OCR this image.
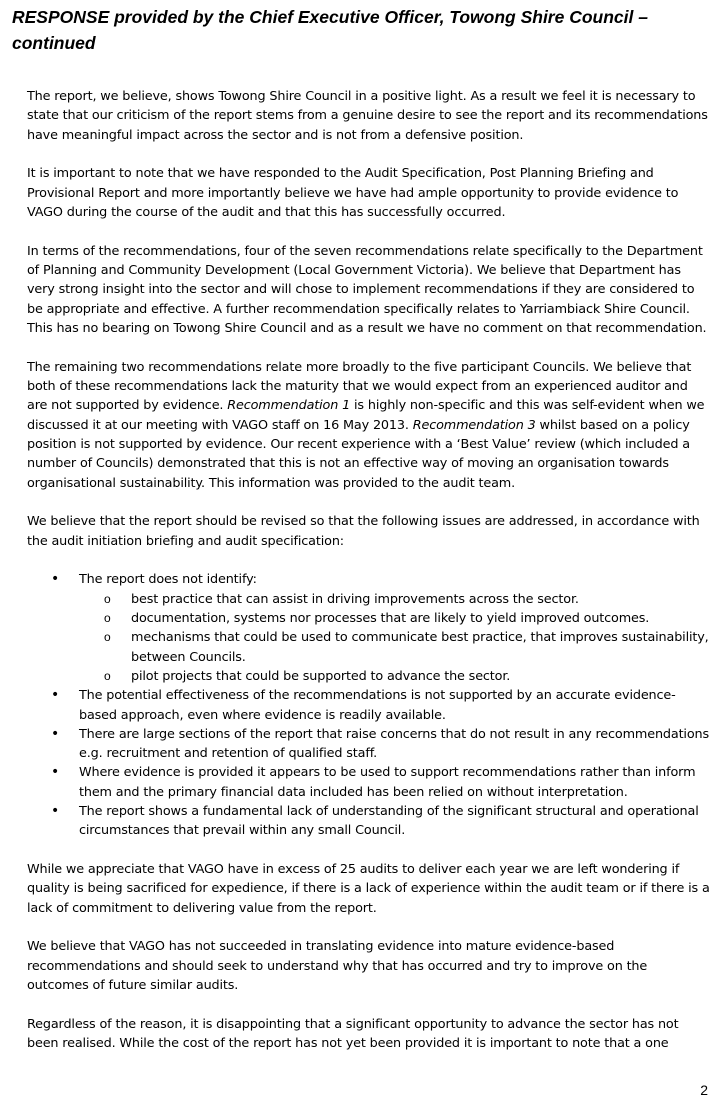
RESPONSE provided by the Chief Executive Officer, Towong Shire Council – continued

The report, we believe, shows Towong Shire Council in a positive light. As a result we feel it is necessary to state that our criticism of the report stems from a genuine desire to see the report and its recommendations have meaningful impact across the sector and is not from a defensive position.

It is important to note that we have responded to the Audit Specification, Post Planning Briefing and Provisional Report and more importantly believe we have had ample opportunity to provide evidence to VAGO during the course of the audit and that this has successfully occurred.

In terms of the recommendations, four of the seven recommendations relate specifically to the Department of Planning and Community Development (Local Government Victoria). We believe that Department has very strong insight into the sector and will chose to implement recommendations if they are considered to be appropriate and effective. A further recommendation specifically relates to Yarriambiack Shire Council. This has no bearing on Towong Shire Council and as a result we have no comment on that recommendation.

The remaining two recommendations relate more broadly to the five participant Councils. We believe that both of these recommendations lack the maturity that we would expect from an experienced auditor and are not supported by evidence. Recommendation 1 is highly non-specific and this was self-evident when we discussed it at our meeting with VAGO staff on 16 May 2013. Recommendation 3 whilst based on a policy position is not supported by evidence. Our recent experience with a ‘Best Value’ review (which included a number of Councils) demonstrated that this is not an effective way of moving an organisation towards organisational sustainability. This information was provided to the audit team.

We believe that the report should be revised so that the following issues are addressed, in accordance with the audit initiation briefing and audit specification:

• The report does not identify:
o best practice that can assist in driving improvements across the sector.
o documentation, systems nor processes that are likely to yield improved outcomes.
o mechanisms that could be used to communicate best practice, that improves sustainability, between Councils.
o pilot projects that could be supported to advance the sector.
• The potential effectiveness of the recommendations is not supported by an accurate evidence-based approach, even where evidence is readily available.
• There are large sections of the report that raise concerns that do not result in any recommendations e.g. recruitment and retention of qualified staff.
• Where evidence is provided it appears to be used to support recommendations rather than inform them and the primary financial data included has been relied on without interpretation.
• The report shows a fundamental lack of understanding of the significant structural and operational circumstances that prevail within any small Council.

While we appreciate that VAGO have in excess of 25 audits to deliver each year we are left wondering if quality is being sacrificed for expedience, if there is a lack of experience within the audit team or if there is a lack of commitment to delivering value from the report.

We believe that VAGO has not succeeded in translating evidence into mature evidence-based recommendations and should seek to understand why that has occurred and try to improve on the outcomes of future similar audits.

Regardless of the reason, it is disappointing that a significant opportunity to advance the sector has not been realised. While the cost of the report has not yet been provided it is important to note that a one

2
